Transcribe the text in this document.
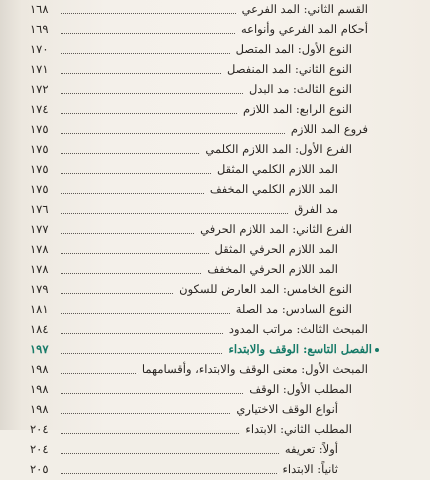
القسم الثاني: المد الفرعي
١٦٨
أحكام المد الفرعي وأنواعه
١٦٩
النوع الأول: المد المتصل
١٧٠
النوع الثاني: المد المنفصل
١٧١
النوع الثالث: مد البدل
١٧٢
النوع الرابع: المد اللازم
١٧٤
فروع المد اللازم
١٧٥
الفرع الأول: المد اللازم الكلمي
١٧٥
المد اللازم الكلمي المثقل
١٧٥
المد اللازم الكلمي المخفف
١٧٥
مد الفرق
١٧٦
الفرع الثاني: المد اللازم الحرفي
١٧٧
المد اللازم الحرفي المثقل
١٧٨
المد اللازم الحرفي المخفف
١٧٨
النوع الخامس: المد العارض للسكون
١٧٩
النوع السادس: مد الصلة
١٨١
المبحث الثالث: مراتب المدود
١٨٤
الفصل التاسع: الوقف والابتداء
١٩٧
المبحث الأول: معنى الوقف والابتداء، وأقسامهما
١٩٨
المطلب الأول: الوقف
١٩٨
أنواع الوقف الاختياري
١٩٨
المطلب الثاني: الابتداء
٢٠٤
أولاً: تعريفه
٢٠٤
ثانياً: الابتداء
٢٠٥
